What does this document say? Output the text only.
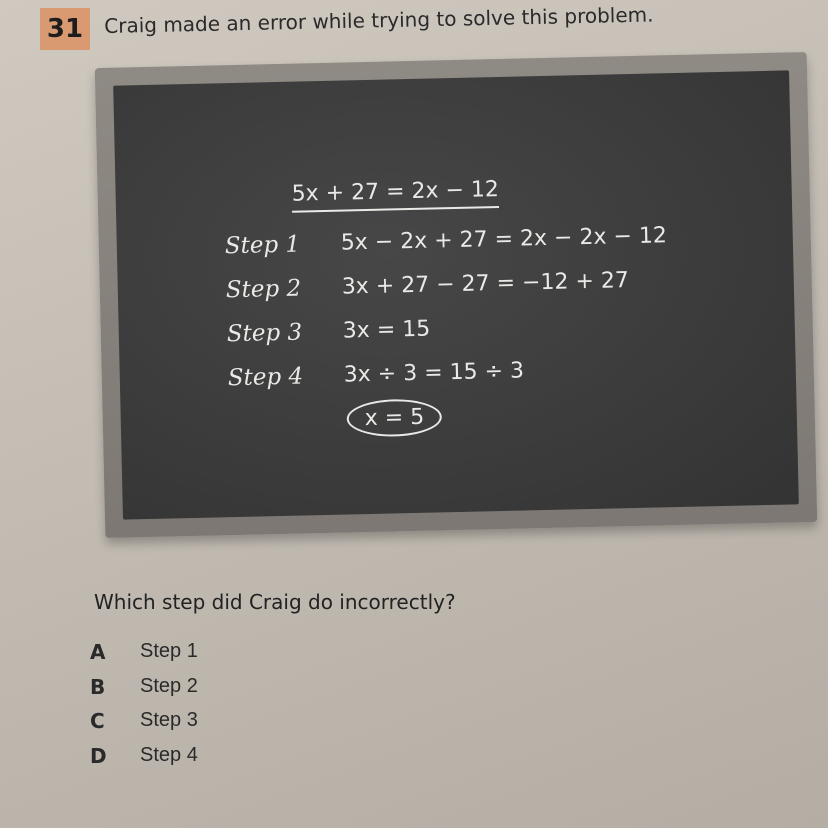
31	Craig made an error while trying to solve this problem.
5x + 27 = 2x − 12
Step 1 5x − 2x + 27 = 2x − 2x − 12
Step 2 3x + 27 − 27 = −12 + 27
Step 3 3x = 15
Step 4 3x ÷ 3 = 15 ÷ 3
x = 5
Which step did Craig do incorrectly?
A Step 1
B Step 2
C Step 3
D Step 4
